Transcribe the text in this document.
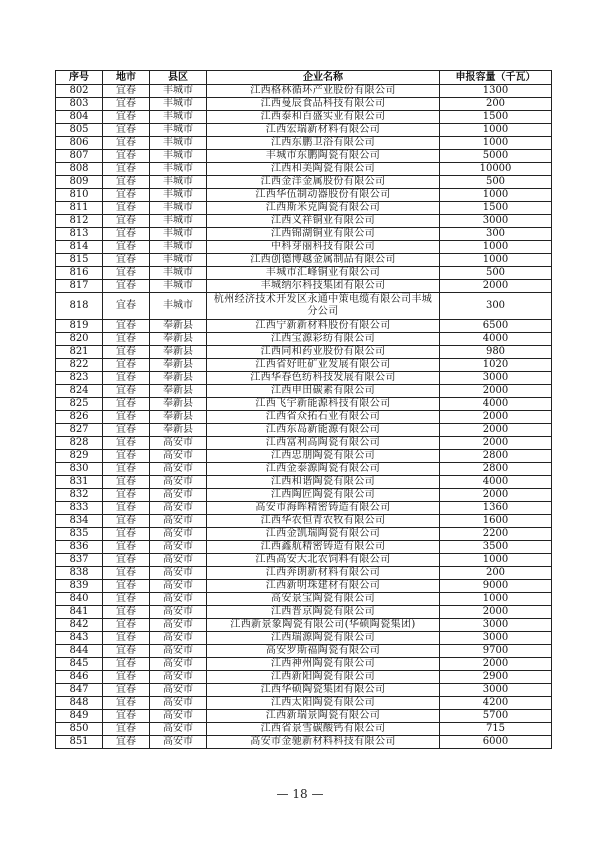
序号	地市	县区	企业名称	申报容量（千瓦）
802	宜春	丰城市	江西格林循环产业股份有限公司	1300
803	宜春	丰城市	江西曼辰食品科技有限公司	200
804	宜春	丰城市	江西泰和百盛实业有限公司	1500
805	宜春	丰城市	江西宏瑞新材料有限公司	1000
806	宜春	丰城市	江西东鹏卫浴有限公司	1000
807	宜春	丰城市	丰城市东鹏陶瓷有限公司	5000
808	宜春	丰城市	江西和美陶瓷有限公司	10000
809	宜春	丰城市	江西金洋金属股份有限公司	500
810	宜春	丰城市	江西华伍制动器股份有限公司	1000
811	宜春	丰城市	江西斯米克陶瓷有限公司	1500
812	宜春	丰城市	江西义祥铜业有限公司	3000
813	宜春	丰城市	江西锦湖铜业有限公司	300
814	宜春	丰城市	中科芽丽科技有限公司	1000
815	宜春	丰城市	江西创德博越金属制品有限公司	1000
816	宜春	丰城市	丰城市汇峰铜业有限公司	500
817	宜春	丰城市	丰城纳尔科技集团有限公司	2000
818	宜春	丰城市	杭州经济技术开发区永通中策电缆有限公司丰城分公司	300
819	宜春	奉新县	江西宁新新材料股份有限公司	6500
820	宜春	奉新县	江西宝源彩纺有限公司	4000
821	宜春	奉新县	江西同和药业股份有限公司	980
822	宜春	奉新县	江西省好旺矿业发展有限公司	1020
823	宜春	奉新县	江西华春色纺科技发展有限公司	3000
824	宜春	奉新县	江西申田碳素有限公司	2000
825	宜春	奉新县	江西飞宇新能源科技有限公司	4000
826	宜春	奉新县	江西省众拓石业有限公司	2000
827	宜春	奉新县	江西东岛新能源有限公司	2000
828	宜春	高安市	江西富利高陶瓷有限公司	2000
829	宜春	高安市	江西忠朋陶瓷有限公司	2800
830	宜春	高安市	江西金泰源陶瓷有限公司	2800
831	宜春	高安市	江西和谐陶瓷有限公司	4000
832	宜春	高安市	江西陶匠陶瓷有限公司	2000
833	宜春	高安市	高安市海晖精密铸造有限公司	1360
834	宜春	高安市	江西华农恒青农牧有限公司	1600
835	宜春	高安市	江西金凯瑞陶瓷有限公司	2200
836	宜春	高安市	江西鑫航精密铸造有限公司	3500
837	宜春	高安市	江西高安大北农饲料有限公司	1000
838	宜春	高安市	江西奔朗新材料有限公司	200
839	宜春	高安市	江西新明珠建材有限公司	9000
840	宜春	高安市	高安景宝陶瓷有限公司	1000
841	宜春	高安市	江西普京陶瓷有限公司	2000
842	宜春	高安市	江西新景象陶瓷有限公司(华硕陶瓷集团)	3000
843	宜春	高安市	江西瑞源陶瓷有限公司	3000
844	宜春	高安市	高安罗斯福陶瓷有限公司	9700
845	宜春	高安市	江西神州陶瓷有限公司	2000
846	宜春	高安市	江西新阳陶瓷有限公司	2900
847	宜春	高安市	江西华硕陶瓷集团有限公司	3000
848	宜春	高安市	江西太阳陶瓷有限公司	4200
849	宜春	高安市	江西新瑞景陶瓷有限公司	5700
850	宜春	高安市	江西省景雪碳酸钙有限公司	715
851	宜春	高安市	高安市金驰新材料科技有限公司	6000
— 18 —
